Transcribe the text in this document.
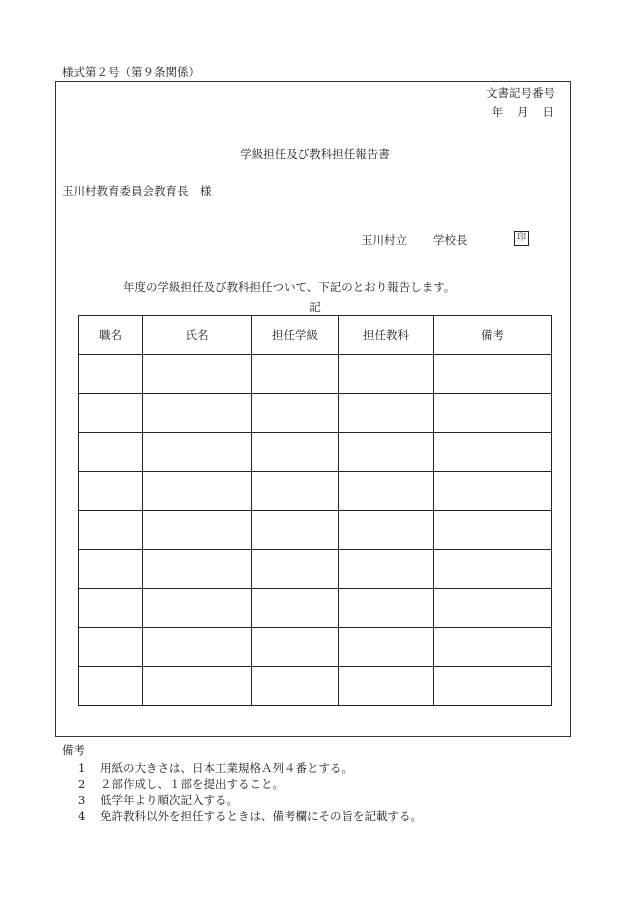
様式第２号（第９条関係）
文書記号番号
年 月 日
学級担任及び教科担任報告書
玉川村教育委員会教育長　様
玉川村立 学校長	印
年度の学級担任及び教科担任ついて、下記のとおり報告します。
記
職名	氏名	担任学級	担任教科	備考

備考
1 用紙の大きさは、日本工業規格Ａ列４番とする。
2 ２部作成し、１部を提出すること。
3 低学年より順次記入する。
4 免許教科以外を担任するときは、備考欄にその旨を記載する。
